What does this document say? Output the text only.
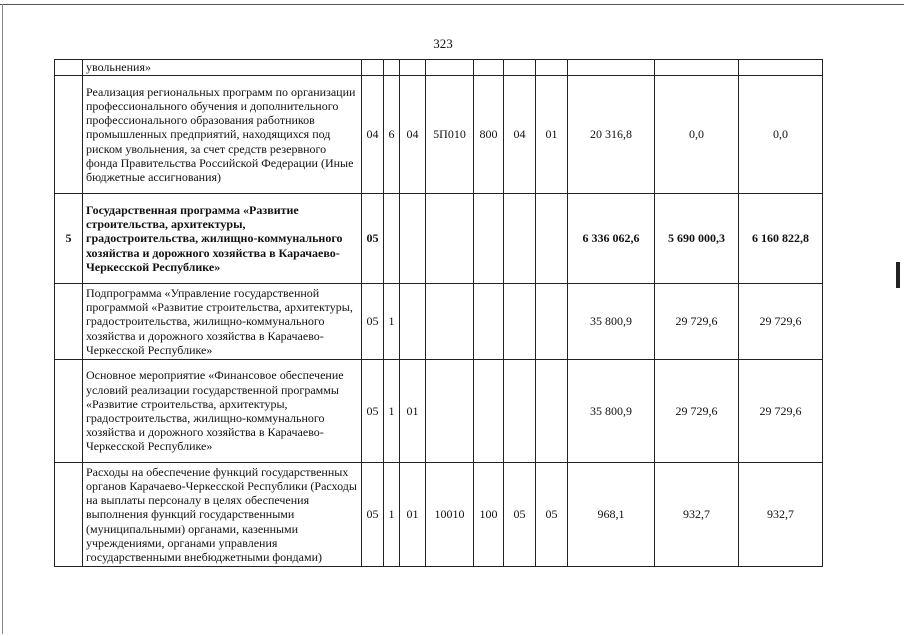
323
	увольнения»										
	Реализация региональных программ по организации профессионального обучения и дополнительного профессионального образования работников промышленных предприятий, находящихся под риском увольнения, за счет средств резервного фонда Правительства Российской Федерации (Иные бюджетные ассигнования)	04	6	04	5П010	800	04	01	20 316,8	0,0	0,0
5	Государственная программа «Развитие строительства, архитектуры, градостроительства, жилищно-коммунального хозяйства и дорожного хозяйства в Карачаево-Черкесской Республике»	05							6 336 062,6	5 690 000,3	6 160 822,8
	Подпрограмма «Управление государственной программой «Развитие строительства, архитектуры, градостроительства, жилищно-коммунального хозяйства и дорожного хозяйства в Карачаево-Черкесской Республике»	05	1						35 800,9	29 729,6	29 729,6
	Основное мероприятие «Финансовое обеспечение условий реализации государственной программы «Развитие строительства, архитектуры, градостроительства, жилищно-коммунального хозяйства и дорожного хозяйства в Карачаево-Черкесской Республике»	05	1	01					35 800,9	29 729,6	29 729,6
	Расходы на обеспечение функций государственных органов Карачаево-Черкесской Республики (Расходы на выплаты персоналу в целях обеспечения выполнения функций государственными (муниципальными) органами, казенными учреждениями, органами управления государственными внебюджетными фондами)	05	1	01	10010	100	05	05	968,1	932,7	932,7
